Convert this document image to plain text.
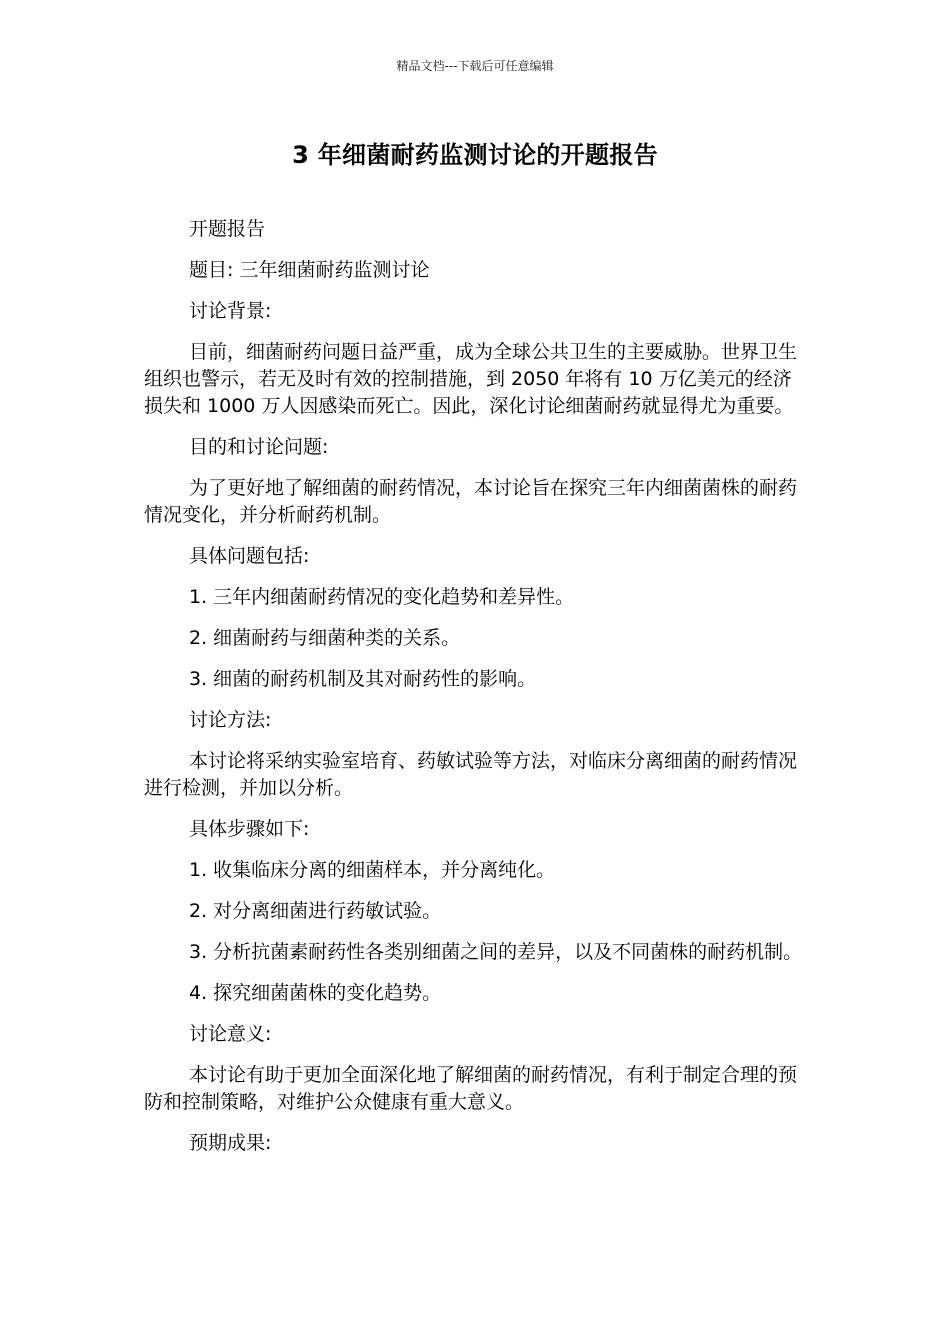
精品文档---下载后可任意编辑
3 年细菌耐药监测讨论的开题报告

开题报告

题目: 三年细菌耐药监测讨论

讨论背景:

目前，细菌耐药问题日益严重，成为全球公共卫生的主要威胁。世界卫生组织也警示，若无及时有效的控制措施，到 2050 年将有 10 万亿美元的经济损失和 1000 万人因感染而死亡。因此，深化讨论细菌耐药就显得尤为重要。

目的和讨论问题:

为了更好地了解细菌的耐药情况，本讨论旨在探究三年内细菌菌株的耐药情况变化，并分析耐药机制。

具体问题包括:

1. 三年内细菌耐药情况的变化趋势和差异性。

2. 细菌耐药与细菌种类的关系。

3. 细菌的耐药机制及其对耐药性的影响。

讨论方法:

本讨论将采纳实验室培育、药敏试验等方法，对临床分离细菌的耐药情况进行检测，并加以分析。

具体步骤如下:

1. 收集临床分离的细菌样本，并分离纯化。

2. 对分离细菌进行药敏试验。

3. 分析抗菌素耐药性各类别细菌之间的差异，以及不同菌株的耐药机制。

4. 探究细菌菌株的变化趋势。

讨论意义:

本讨论有助于更加全面深化地了解细菌的耐药情况，有利于制定合理的预防和控制策略，对维护公众健康有重大意义。

预期成果:
